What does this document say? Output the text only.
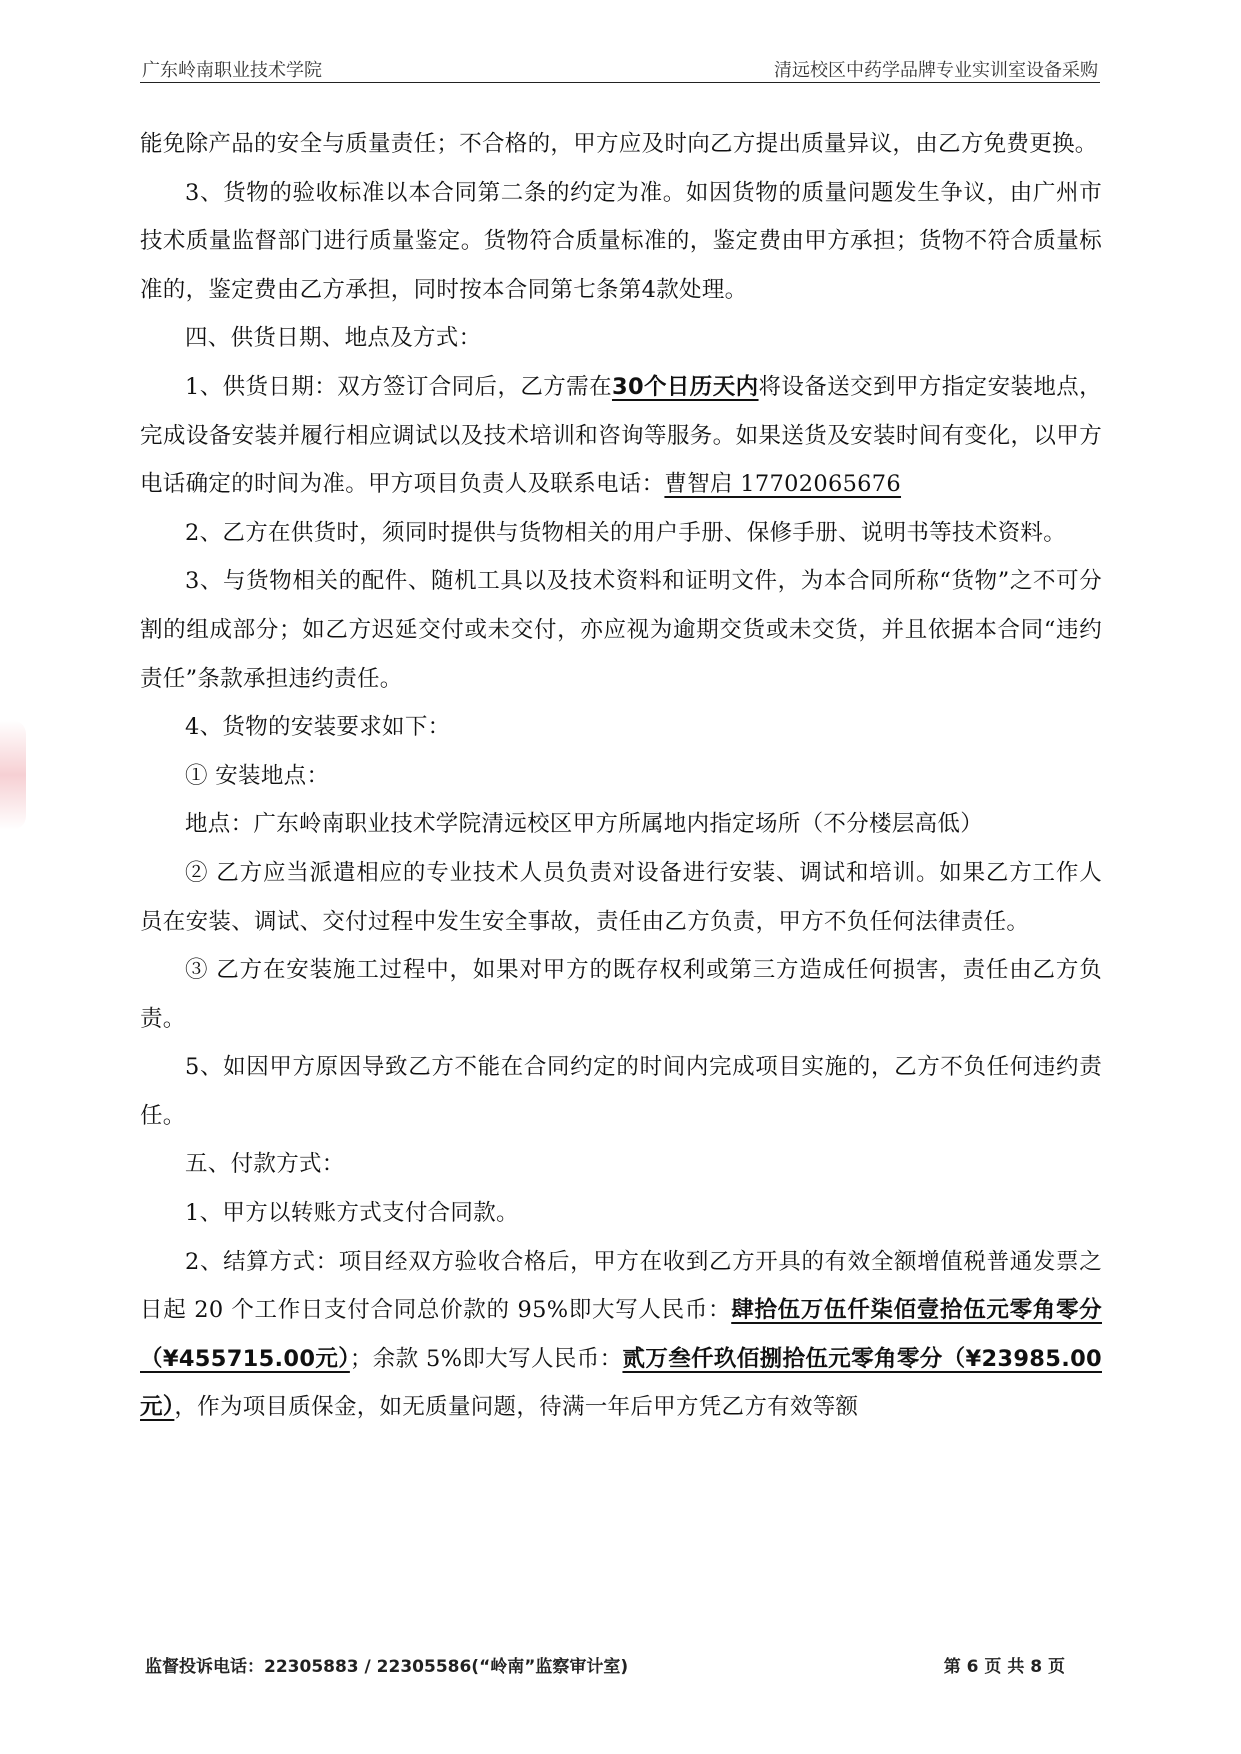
广东岭南职业技术学院	清远校区中药学品牌专业实训室设备采购

能免除产品的安全与质量责任；不合格的，甲方应及时向乙方提出质量异议，由乙方免费更换。

3、货物的验收标准以本合同第二条的约定为准。如因货物的质量问题发生争议，由广州市技术质量监督部门进行质量鉴定。货物符合质量标准的，鉴定费由甲方承担；货物不符合质量标准的，鉴定费由乙方承担，同时按本合同第七条第4款处理。

四、供货日期、地点及方式：

1、供货日期：双方签订合同后，乙方需在30个日历天内将设备送交到甲方指定安装地点，完成设备安装并履行相应调试以及技术培训和咨询等服务。如果送货及安装时间有变化，以甲方电话确定的时间为准。甲方项目负责人及联系电话：曹智启 17702065676

2、乙方在供货时，须同时提供与货物相关的用户手册、保修手册、说明书等技术资料。

3、与货物相关的配件、随机工具以及技术资料和证明文件，为本合同所称“货物”之不可分割的组成部分；如乙方迟延交付或未交付，亦应视为逾期交货或未交货，并且依据本合同“违约责任”条款承担违约责任。

4、货物的安装要求如下：

① 安装地点：

地点：广东岭南职业技术学院清远校区甲方所属地内指定场所（不分楼层高低）

② 乙方应当派遣相应的专业技术人员负责对设备进行安装、调试和培训。如果乙方工作人员在安装、调试、交付过程中发生安全事故，责任由乙方负责，甲方不负任何法律责任。

③ 乙方在安装施工过程中，如果对甲方的既存权利或第三方造成任何损害，责任由乙方负责。

5、如因甲方原因导致乙方不能在合同约定的时间内完成项目实施的，乙方不负任何违约责任。

五、付款方式：

1、甲方以转账方式支付合同款。

2、结算方式：项目经双方验收合格后，甲方在收到乙方开具的有效全额增值税普通发票之日起 20 个工作日支付合同总价款的 95%即大写人民币：肆拾伍万伍仟柒佰壹拾伍元零角零分（¥455715.00元）；余款 5%即大写人民币：贰万叁仟玖佰捌拾伍元零角零分（¥23985.00 元），作为项目质保金，如无质量问题，待满一年后甲方凭乙方有效等额

监督投诉电话：22305883 / 22305586(“岭南”监察审计室)	第 6 页 共 8 页
